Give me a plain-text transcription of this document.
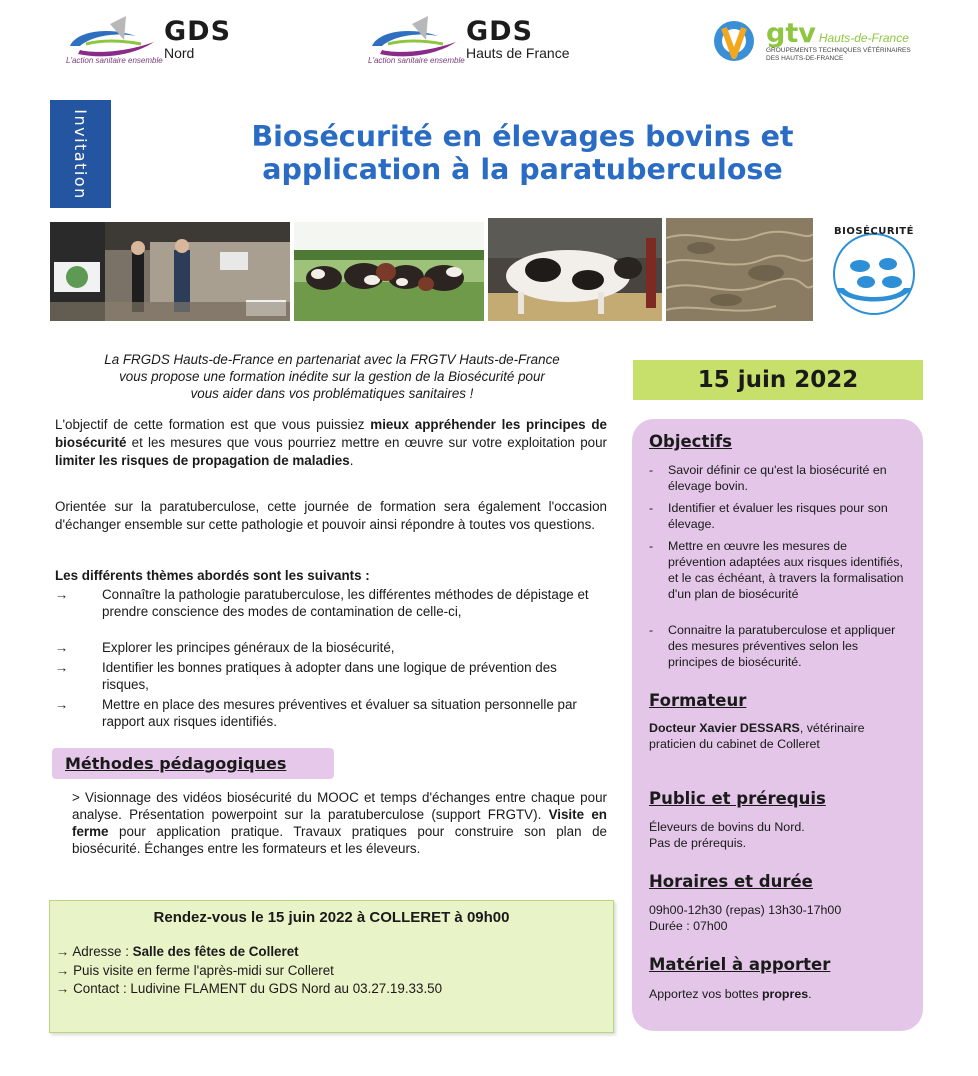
GDS
Nord
L'action sanitaire ensemble
GDS
Hauts de France
L'action sanitaire ensemble
gtv Hauts-de-France
GROUPEMENTS TECHNIQUES VÉTÉRINAIRES
DES HAUTS-DE-FRANCE
Invitation	Biosécurité en élevages bovins et
application à la paratuberculose
BIOSÉCURITÉ
La FRGDS Hauts-de-France en partenariat avec la FRGTV Hauts-de-France
vous propose une formation inédite sur la gestion de la Biosécurité pour
vous aider dans vos problématiques sanitaires !
L'objectif de cette formation est que vous puissiez mieux appréhender les principes de biosécurité et les mesures que vous pourriez mettre en œuvre sur votre exploitation pour limiter les risques de propagation de maladies.
Orientée sur la paratuberculose, cette journée de formation sera également l'occasion d'échanger ensemble sur cette pathologie et pouvoir ainsi répondre à toutes vos questions.
Les différents thèmes abordés sont les suivants :
→	Connaître la pathologie paratuberculose, les différentes méthodes de dépistage et prendre conscience des modes de contamination de celle-ci,
→	Explorer les principes généraux de la biosécurité,
→	Identifier les bonnes pratiques à adopter dans une logique de prévention des risques,
→	Mettre en place des mesures préventives et évaluer sa situation personnelle par rapport aux risques identifiés.
Méthodes pédagogiques
> Visionnage des vidéos biosécurité du MOOC et temps d'échanges entre chaque pour analyse. Présentation powerpoint sur la paratuberculose (support FRGTV). Visite en ferme pour application pratique. Travaux pratiques pour construire son plan de biosécurité. Échanges entre les formateurs et les éleveurs.
Rendez-vous le 15 juin 2022 à COLLERET à 09h00
→ Adresse : Salle des fêtes de Colleret
→ Puis visite en ferme l'après-midi sur Colleret
→ Contact : Ludivine FLAMENT du GDS Nord au 03.27.19.33.50
15 juin 2022
Objectifs
- Savoir définir ce qu'est la biosécurité en élevage bovin.
- Identifier et évaluer les risques pour son élevage.
- Mettre en œuvre les mesures de prévention adaptées aux risques identifiés, et le cas échéant, à travers la formalisation d'un plan de biosécurité
- Connaitre la paratuberculose et appliquer des mesures préventives selon les principes de biosécurité.
Formateur
Docteur Xavier DESSARS, vétérinaire praticien du cabinet de Colleret
Public et prérequis
Éleveurs de bovins du Nord.
Pas de prérequis.
Horaires et durée
09h00-12h30 (repas) 13h30-17h00
Durée : 07h00
Matériel à apporter
Apportez vos bottes propres.
